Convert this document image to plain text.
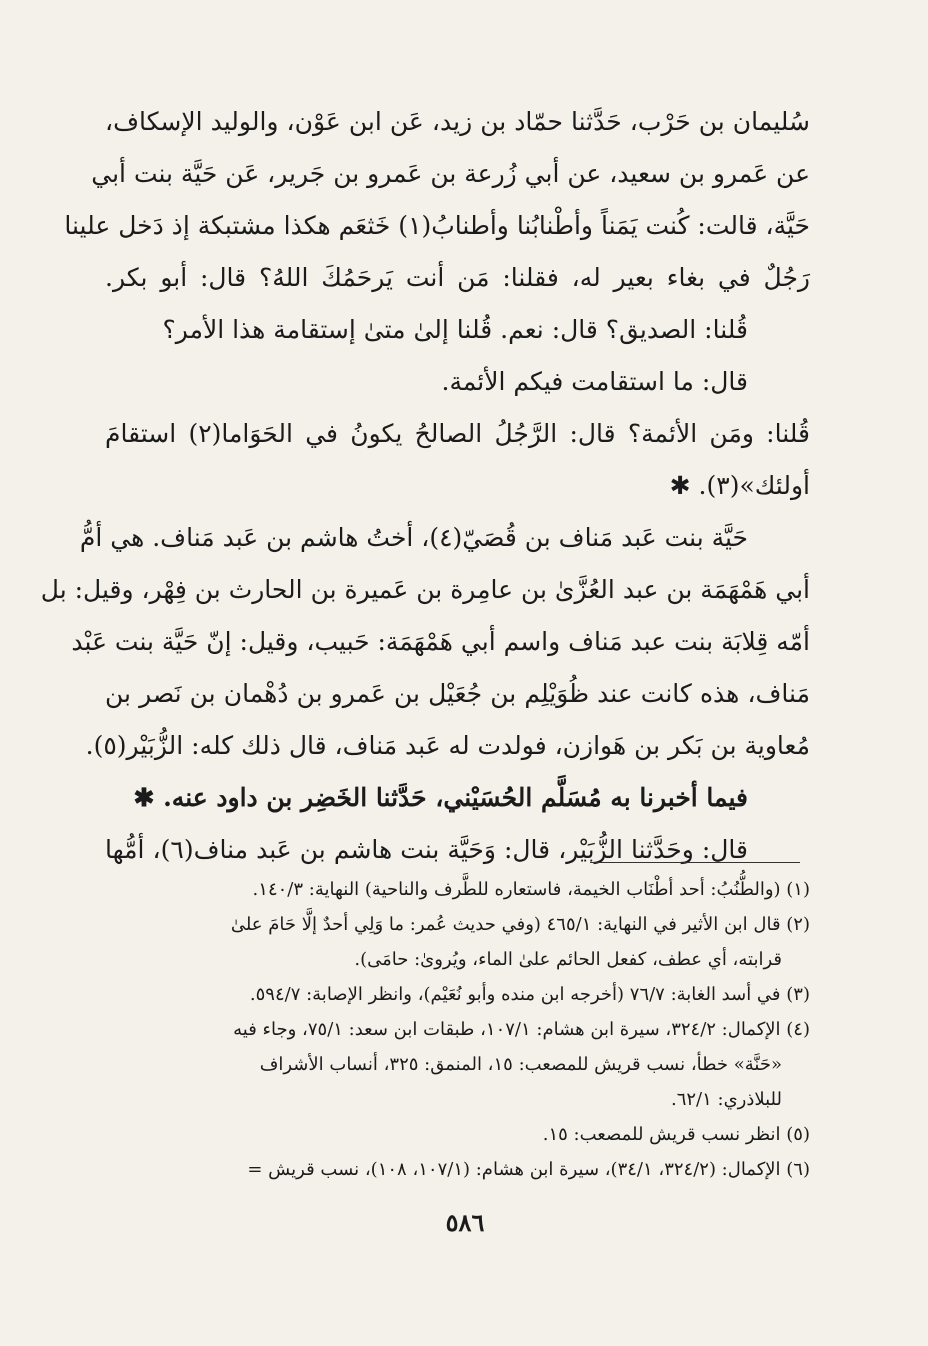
سُليمان بن حَرْب، حَدَّثنا حمّاد بن زيد، عَن ابن عَوْن، والوليد الإسكاف،
عن عَمرو بن سعيد، عن أبي زُرعة بن عَمرو بن جَرير، عَن حَيَّة بنت أبي
حَيَّة، قالت: كُنت يَمَناً وأطْنابُنا وأطنابُ(١) خَثعَم هكذا مشتبكة إذ دَخل علينا
رَجُلٌ في بغاء بعير له، فقلنا: مَن أنت يَرحَمُكَ اللهُ؟ قال: أبو بكر.
قُلنا: الصديق؟ قال: نعم. قُلنا إلىٰ متىٰ إستقامة هذا الأمر؟
قال: ما استقامت فيكم الأئمة.
قُلنا: ومَن الأئمة؟ قال: الرَّجُلُ الصالحُ يكونُ في الحَوَاما(٢) استقامَ
أولئك»(٣). ✱
حَيَّة بنت عَبد مَناف بن قُصَيّ(٤)، أختُ هاشم بن عَبد مَناف. هي أمُّ
أبي هَمْهَمَة بن عبد العُزَّىٰ بن عامِرة بن عَميرة بن الحارث بن فِهْر، وقيل: بل
أمّه قِلابَة بنت عبد مَناف واسم أبي هَمْهَمَة: حَبيب، وقيل: إنّ حَيَّة بنت عَبْد
مَناف، هذه كانت عند ظُوَيْلِم بن جُعَيْل بن عَمرو بن دُهْمان بن نَصر بن
مُعاوية بن بَكر بن هَوازن، فولدت له عَبد مَناف، قال ذلك كله: الزُّبَيْر(٥).
فيما أخبرنا به مُسَلَّم الحُسَيْني، حَدَّثنا الخَضِر بن داود عنه. ✱
قال: وحَدَّثنا الزُّبَيْر، قال: وَحَيَّة بنت هاشم بن عَبد مناف(٦)، أمُّها
(١) (والطُّنُبُ: أحد أطْنَاب الخيمة، فاستعاره للطَّرف والناحية) النهاية: ١٤٠/٣.
(٢) قال ابن الأثير في النهاية: ٤٦٥/١ (وفي حديث عُمر: ما وَلِي أحدٌ إلَّا حَامَ علىٰ
قرابته، أي عطف، كفعل الحائم علىٰ الماء، ويُروىٰ: حامَى).
(٣) في أسد الغابة: ٧٦/٧ (أخرجه ابن منده وأبو نُعَيْم)، وانظر الإصابة: ٥٩٤/٧.
(٤) الإكمال: ٣٢٤/٢، سيرة ابن هشام: ١٠٧/١، طبقات ابن سعد: ٧٥/١، وجاء فيه
«حَنَّة» خطأ، نسب قريش للمصعب: ١٥، المنمق: ٣٢٥، أنساب الأشراف
للبلاذري: ٦٢/١.
(٥) انظر نسب قريش للمصعب: ١٥.
(٦) الإكمال: (٣٢٤/٢، ٣٤/١)، سيرة ابن هشام: (١٠٧/١، ١٠٨)، نسب قريش =
٥٨٦
